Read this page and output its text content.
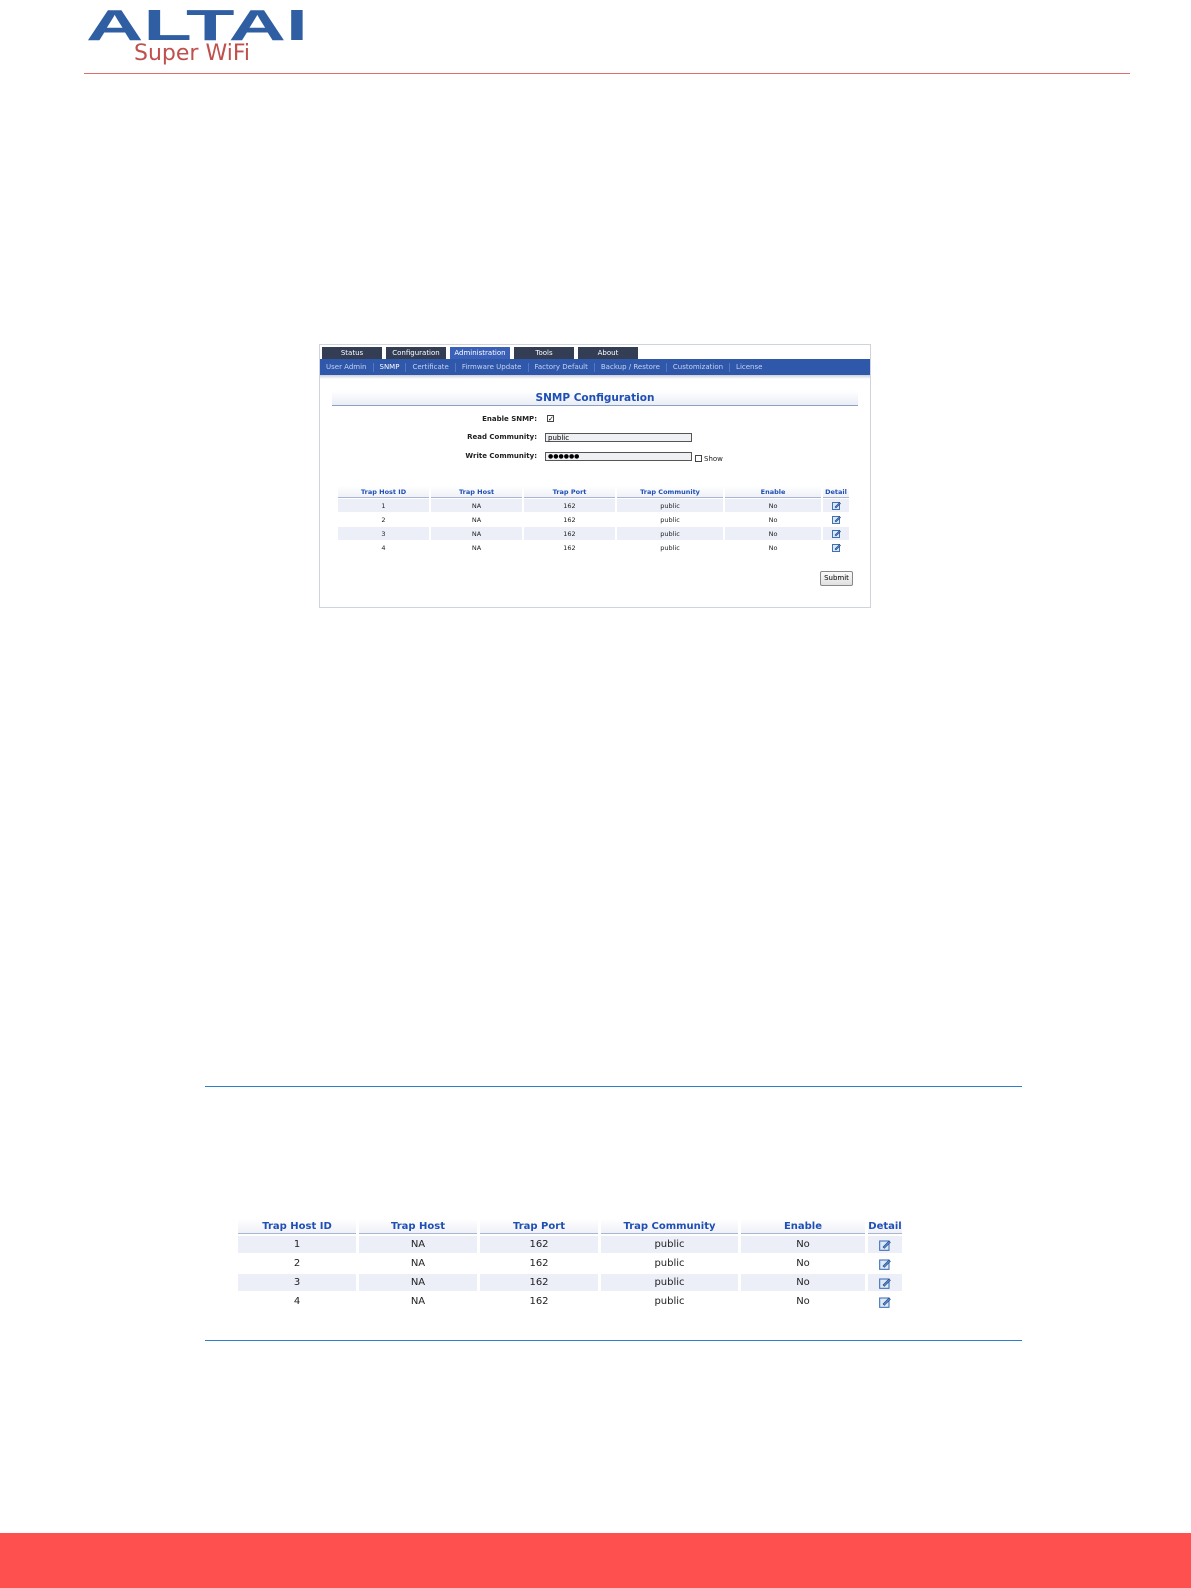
ALTAI
Super WiFi
Status	Configuration	Administration	Tools	About
User Admin	SNMP	Certificate	Firmware Update	Factory Default	Backup / Restore	Customization	License
SNMP Configuration
Enable SNMP: ✓
Read Community:	public
Write Community:	●●●●●●	Show
Trap Host ID	Trap Host	Trap Port	Trap Community	Enable	Detail
1	NA	162	public	No	

2	NA	162	public	No	

3	NA	162	public	No	

4	NA	162	public	No	
Submit
Trap Host ID	Trap Host	Trap Port	Trap Community	Enable	Detail
1	NA	162	public	No	

2	NA	162	public	No	

3	NA	162	public	No	

4	NA	162	public	No	
